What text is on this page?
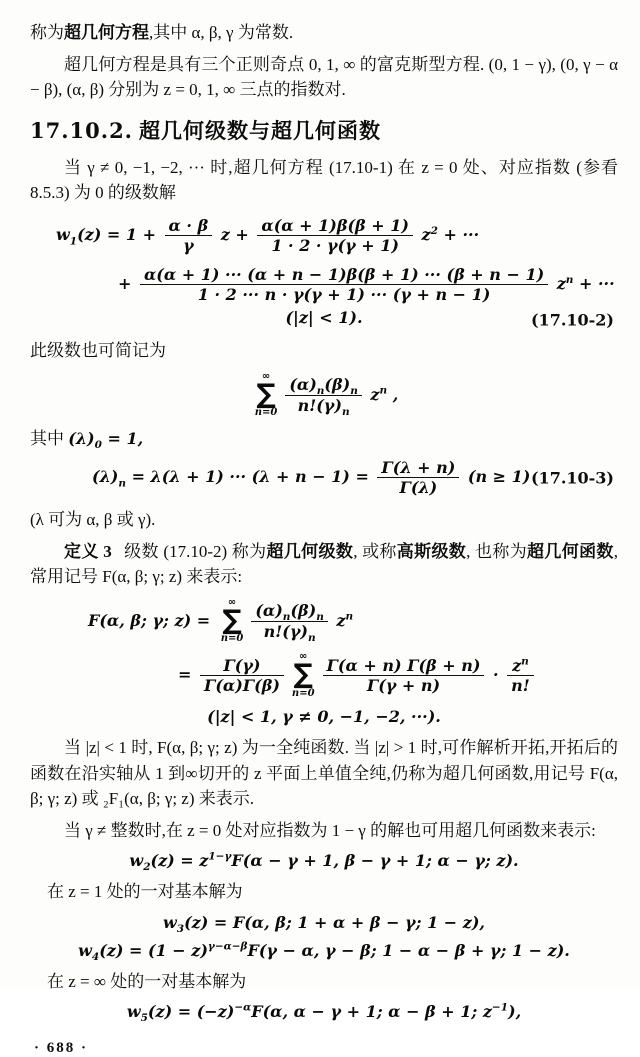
称为超几何方程,其中 α, β, γ 为常数.

超几何方程是具有三个正则奇点 0, 1, ∞ 的富克斯型方程. (0, 1 − γ), (0, γ − α − β), (α, β) 分别为 z = 0, 1, ∞ 三点的指数对.

17.10.2. 超几何级数与超几何函数

当 γ ≠ 0, −1, −2, ··· 时,超几何方程 (17.10-1) 在 z = 0 处、对应指数 (参看 8.5.3) 为 0 的级数解

$w_1(z) = 1 + \frac{\alpha \cdot \beta}{\gamma}$ $z + \frac{\alpha(\alpha + 1)\beta(\beta + 1)}{1 \cdot 2 \cdot \gamma(\gamma + 1)} z^2$ + ···
+ $\frac{\alpha(\alpha + 1) \cdot\cdot\cdot (\alpha + n - 1)\beta(\beta + 1) \cdot\cdot\cdot (\beta + n - 1)}{1 \cdot 2 \cdot\cdot\cdot n \cdot \gamma(\gamma + 1) \cdot\cdot\cdot (\gamma + n - 1)} z^n$ + ···
(|z| < 1).	(17.10-2)

此级数也可简记为

∞
∑
$n=0 \frac{(\alpha)_n(\beta)_n}{n!(\gamma)_n} z^n$ ,

其中 $(\lambda)_0 = 1$,

$(\lambda)_n = \lambda(\lambda + 1)$ ··· $(\lambda + n - 1) = \frac{\Gamma(\lambda + n)}{\Gamma(\lambda)} (n \ge 1)$ (17.10-3)

(λ 可为 α, β 或 γ).

定义 3 级数 (17.10-2) 称为超几何级数, 或称高斯级数, 也称为超几何函数,常用记号 F(α, β; γ; z) 来表示:

F(α, β; γ; z) =
∞
∑
$n=0 \frac{(\alpha)_n(\beta)_n}{n!(\gamma)_n} z^n$
= $\frac{\Gamma(\gamma)}{\Gamma(\alpha)\Gamma(\beta)}$ ∞
∑
$n=0 \frac{\Gamma(\alpha + n) \Gamma(\beta + n)}{\Gamma(\gamma + n)} \cdot \frac{z^n}{n!}$
(|z| < 1, γ ≠ 0, −1, −2, ···).

当 |z| < 1 时, F(α, β; γ; z) 为一全纯函数. 当 |z| > 1 时,可作解析开拓,开拓后的函数在沿实轴从 1 到∞切开的 z 平面上单值全纯,仍称为超几何函数,用记号 F(α, β; γ; z) 或 ₂F₁(α, β; γ; z) 来表示.

当 γ ≠ 整数时,在 z = 0 处对应指数为 1 − γ 的解也可用超几何函数来表示:

$w_2(z) = z^{1-\gamma}F(\alpha - \gamma + 1$, β − γ + 1; α − γ; z).

在 z = 1 处的一对基本解为

$w_3(z) = F(\alpha$, β; 1 + α + β − γ; 1 − z),
$w_4(z) = (1 - z)^{\gamma-\alpha-\beta}F(\gamma - \alpha$, γ − β; 1 − α − β + γ; 1 − z).

在 z = ∞ 处的一对基本解为

$w_5(z) = (-z)^{-\alpha}F(\alpha$, α − γ + 1; α − β + 1; $z^{-1}$),
· 688 ·
